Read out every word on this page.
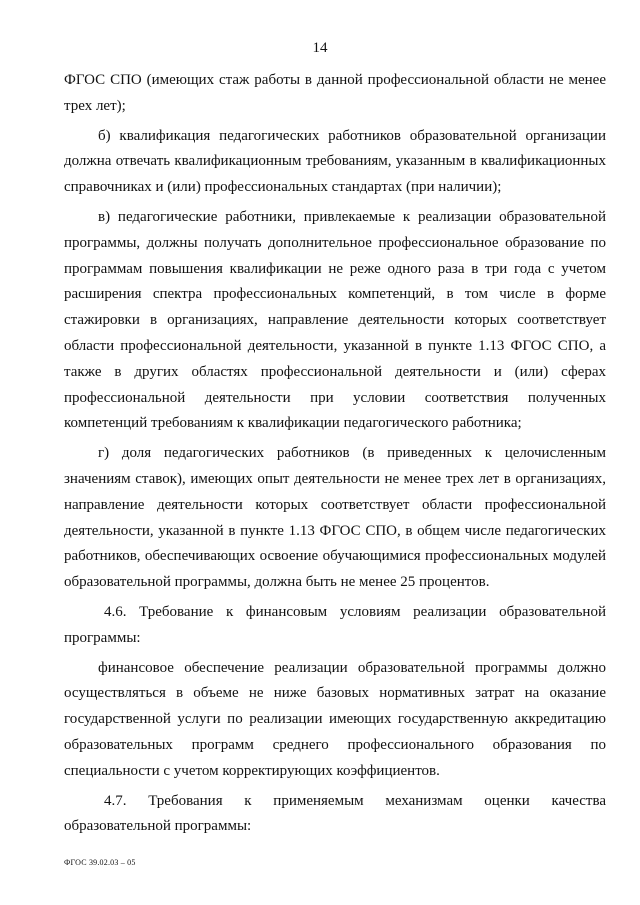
14

ФГОС СПО (имеющих стаж работы в данной профессиональной области не менее трех лет);

б) квалификация педагогических работников образовательной организации должна отвечать квалификационным требованиям, указанным в квалификационных справочниках и (или) профессиональных стандартах (при наличии);

в) педагогические работники, привлекаемые к реализации образовательной программы, должны получать дополнительное профессиональное образование по программам повышения квалификации не реже одного раза в три года с учетом расширения спектра профессиональных компетенций, в том числе в форме стажировки в организациях, направление деятельности которых соответствует области профессиональной деятельности, указанной в пункте 1.13 ФГОС СПО, а также в других областях профессиональной деятельности и (или) сферах профессиональной деятельности при условии соответствия полученных компетенций требованиям к квалификации педагогического работника;

г) доля педагогических работников (в приведенных к целочисленным значениям ставок), имеющих опыт деятельности не менее трех лет в организациях, направление деятельности которых соответствует области профессиональной деятельности, указанной в пункте 1.13 ФГОС СПО, в общем числе педагогических работников, обеспечивающих освоение обучающимися профессиональных модулей образовательной программы, должна быть не менее 25 процентов.

4.6. Требование к финансовым условиям реализации образовательной программы:

финансовое обеспечение реализации образовательной программы должно осуществляться в объеме не ниже базовых нормативных затрат на оказание государственной услуги по реализации имеющих государственную аккредитацию образовательных программ среднего профессионального образования по специальности с учетом корректирующих коэффициентов.

4.7. Требования к применяемым механизмам оценки качества образовательной программы:

ФГОС 39.02.03 – 05
